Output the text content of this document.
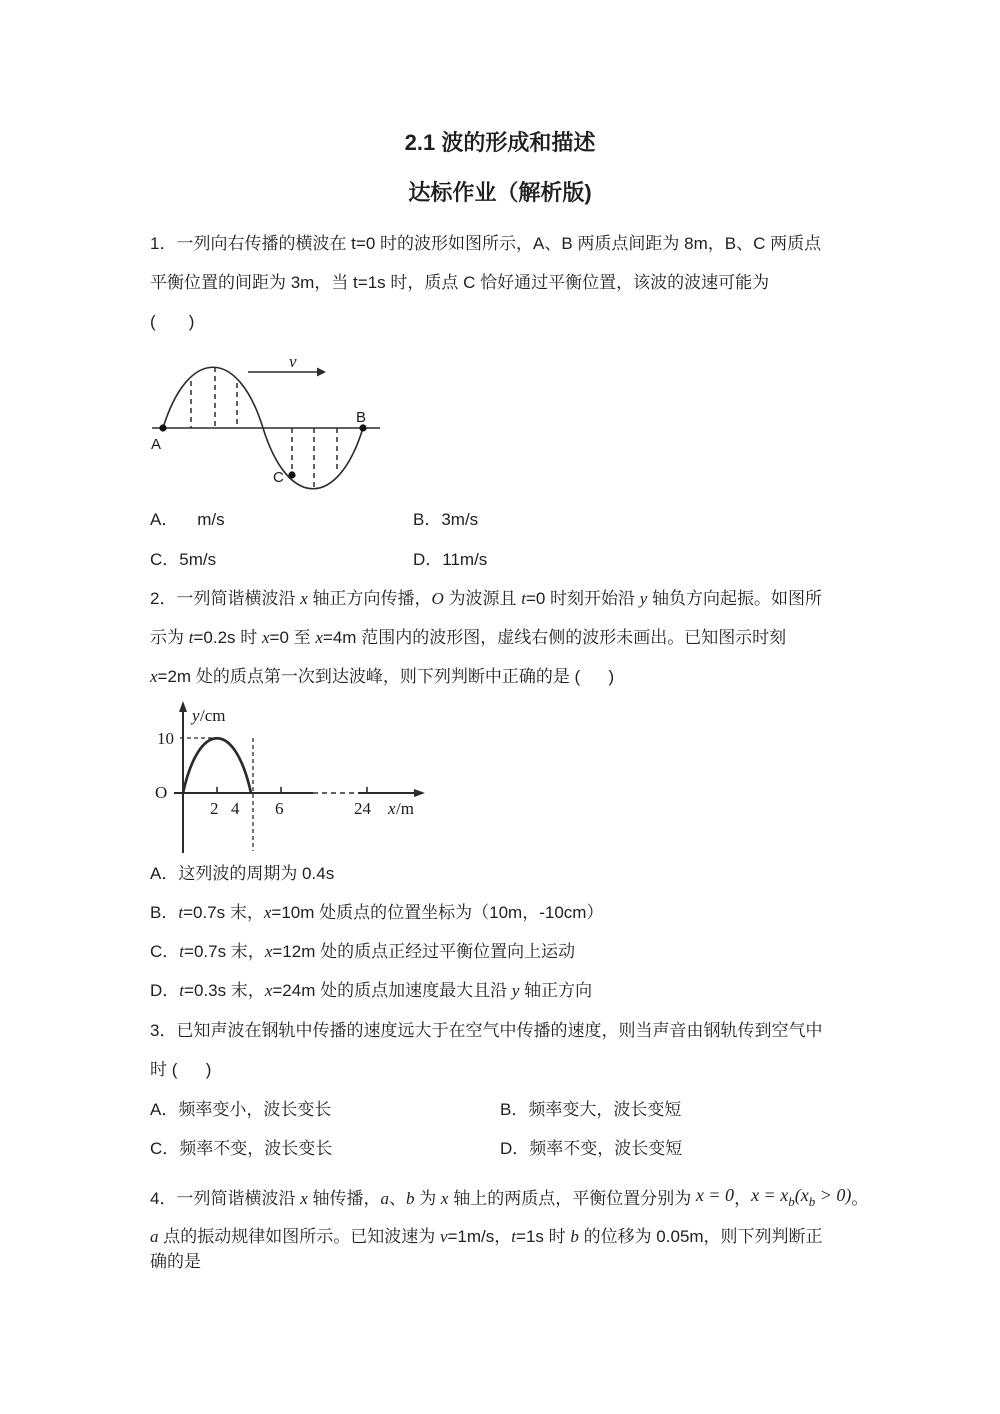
2.1 波的形成和描述
达标作业（解析版)
1．一列向右传播的横波在 t=0 时的波形如图所示，A、B 两质点间距为 8m，B、C 两质点
平衡位置的间距为 3m，当 t=1s 时，质点 C 恰好通过平衡位置，该波的波速可能为
(       )
v
A
B
C
A．    m/s	B．3m/s
C．5m/s	D．11m/s
2．一列简谐横波沿 x 轴正方向传播，O 为波源且 t=0 时刻开始沿 y 轴负方向起振。如图所
示为 t=0.2s 时 x=0 至 x=4m 范围内的波形图，虚线右侧的波形未画出。已知图示时刻
x=2m 处的质点第一次到达波峰，则下列判断中正确的是 (      )
y /cm
10
O
2 4 6	24 x /m
A．这列波的周期为 0.4s
B．t=0.7s 末，x=10m 处质点的位置坐标为（10m，-10cm）
C．t=0.7s 末，x=12m 处的质点正经过平衡位置向上运动
D．t=0.3s 末，x=24m 处的质点加速度最大且沿 y 轴正方向
3．已知声波在钢轨中传播的速度远大于在空气中传播的速度，则当声音由钢轨传到空气中
时 (      )
A．频率变小，波长变长	B．频率变大，波长变短
C．频率不变，波长变长	D．频率不变，波长变短
4．一列简谐横波沿 x 轴传播，a、b 为 x 轴上的两质点，平衡位置分别为 x = 0，x = xb(xb > 0)。
a 点的振动规律如图所示。已知波速为 v=1m/s，t=1s 时 b 的位移为 0.05m，则下列判断正
确的是
